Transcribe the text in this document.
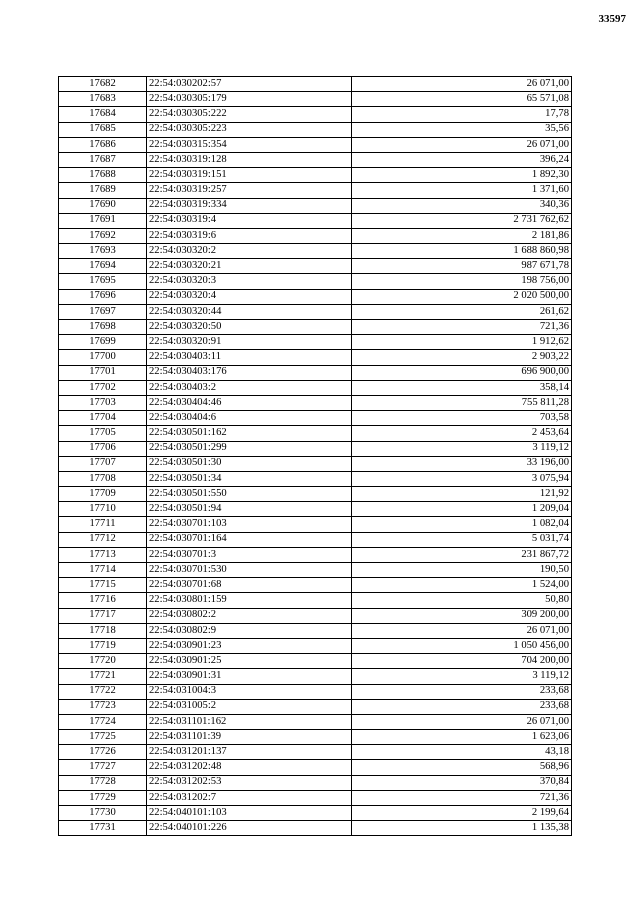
33597
17682	22:54:030202:57	26 071,00
17683	22:54:030305:179	65 571,08
17684	22:54:030305:222	17,78
17685	22:54:030305:223	35,56
17686	22:54:030315:354	26 071,00
17687	22:54:030319:128	396,24
17688	22:54:030319:151	1 892,30
17689	22:54:030319:257	1 371,60
17690	22:54:030319:334	340,36
17691	22:54:030319:4	2 731 762,62
17692	22:54:030319:6	2 181,86
17693	22:54:030320:2	1 688 860,98
17694	22:54:030320:21	987 671,78
17695	22:54:030320:3	198 756,00
17696	22:54:030320:4	2 020 500,00
17697	22:54:030320:44	261,62
17698	22:54:030320:50	721,36
17699	22:54:030320:91	1 912,62
17700	22:54:030403:11	2 903,22
17701	22:54:030403:176	696 900,00
17702	22:54:030403:2	358,14
17703	22:54:030404:46	755 811,28
17704	22:54:030404:6	703,58
17705	22:54:030501:162	2 453,64
17706	22:54:030501:299	3 119,12
17707	22:54:030501:30	33 196,00
17708	22:54:030501:34	3 075,94
17709	22:54:030501:550	121,92
17710	22:54:030501:94	1 209,04
17711	22:54:030701:103	1 082,04
17712	22:54:030701:164	5 031,74
17713	22:54:030701:3	231 867,72
17714	22:54:030701:530	190,50
17715	22:54:030701:68	1 524,00
17716	22:54:030801:159	50,80
17717	22:54:030802:2	309 200,00
17718	22:54:030802:9	26 071,00
17719	22:54:030901:23	1 050 456,00
17720	22:54:030901:25	704 200,00
17721	22:54:030901:31	3 119,12
17722	22:54:031004:3	233,68
17723	22:54:031005:2	233,68
17724	22:54:031101:162	26 071,00
17725	22:54:031101:39	1 623,06
17726	22:54:031201:137	43,18
17727	22:54:031202:48	568,96
17728	22:54:031202:53	370,84
17729	22:54:031202:7	721,36
17730	22:54:040101:103	2 199,64
17731	22:54:040101:226	1 135,38
